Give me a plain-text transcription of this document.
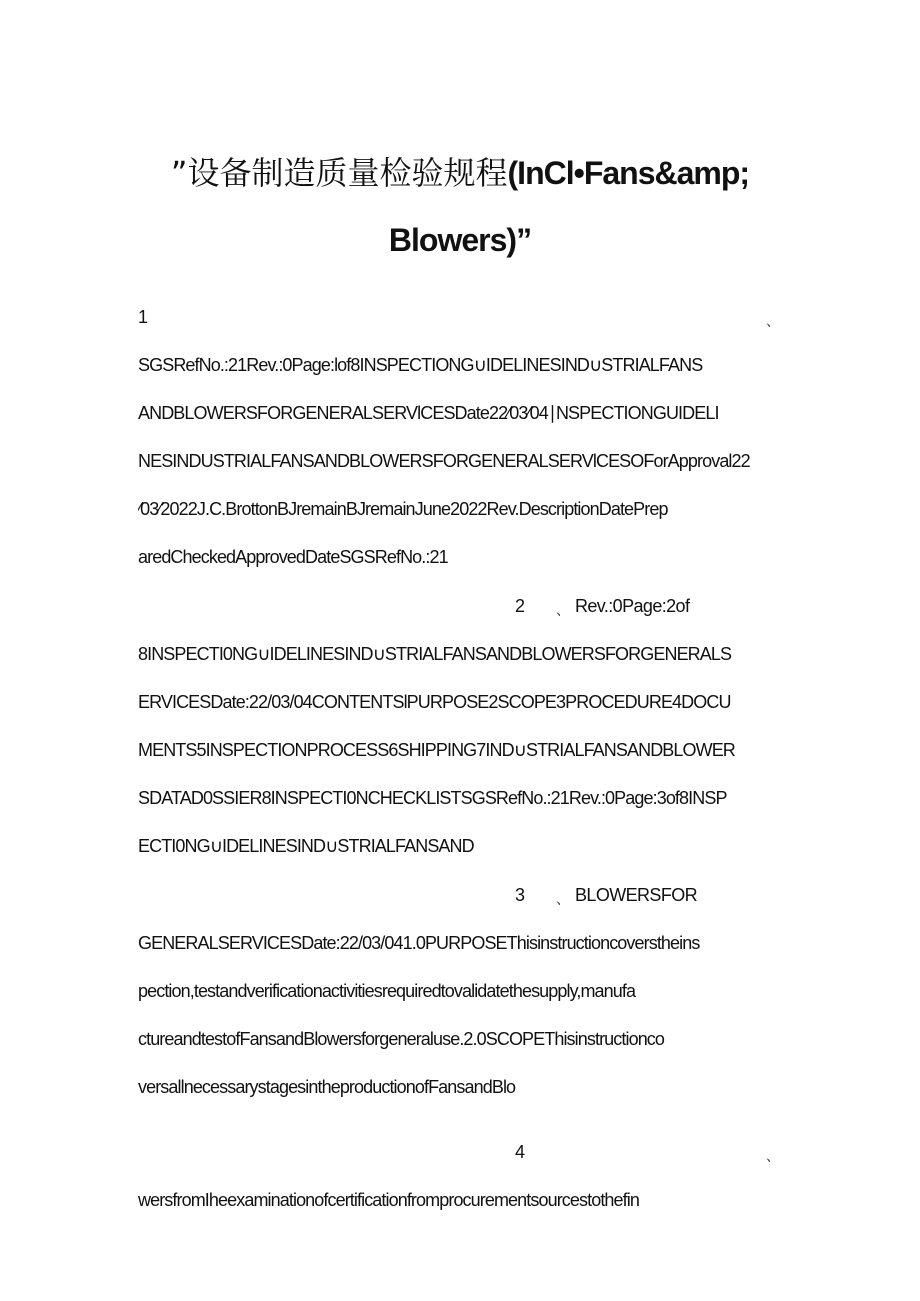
”设备制造质量检验规程(InCl•Fans&amp;
Blowers)”
1	、
SGSRefNo.:21Rev.:0Page:lof8INSPECTIONG∪IDELINESIND∪STRIALFANS
ANDBLOWERSFORGENERALSERVlCESDate22⁄03⁄04∣NSPECTIONGUIDELI
NESINDUSTRIALFANSANDBLOWERSFORGENERALSERVlCESOForApproval22
⁄03⁄2022J.C.BrottonBJremainBJremainJune2022Rev.DescriptionDatePrep
aredCheckedApprovedDateSGSRefNo.:21
2 、 Rev.:0Page:2of
8INSPECTI0NG∪IDELINESIND∪STRIALFANSANDBLOWERSFORGENERALS
ERVICESDate:22/03/04CONTENTSlPURPOSE2SCOPE3PROCEDURE4DOCU
MENTS5INSPECTIONPROCESS6SHIPPING7IND∪STRIALFANSANDBLOWER
SDATAD0SSIER8INSPECTI0NCHECKLISTSGSRefNo.:21Rev.:0Page:3of8INSP
ECTI0NG∪IDELINESIND∪STRIALFANSAND
3 、 BLOWERSFOR
GENERALSERVICESDate:22/03/041.0PURPOSEThisinstructioncoverstheins
pection,testandverificationactivitiesrequiredtovalidatethesupply,manufa
ctureandtestofFansandBlowersforgeneraluse.2.0SCOPEThisinstructionco
versallnecessarystagesintheproductionofFansandBlo
4	、
wersfromIheexaminationofcertificationfromprocurementsourcestothefin
